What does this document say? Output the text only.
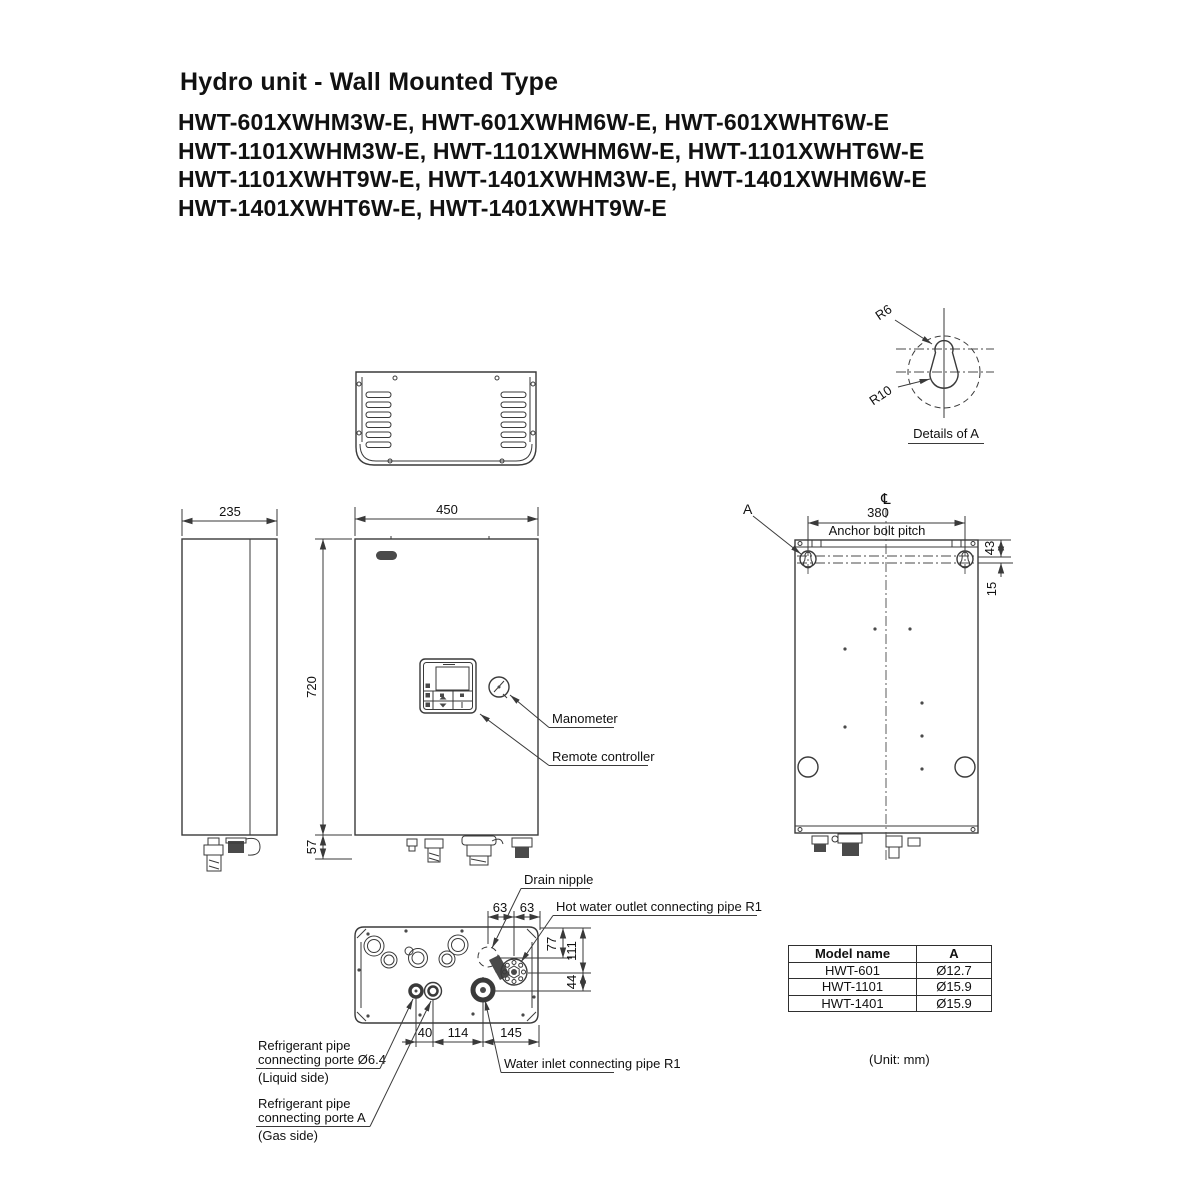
Hydro unit - Wall Mounted Type
HWT-601XWHM3W-E, HWT-601XWHM6W-E, HWT-601XWHT6W-E
HWT-1101XWHM3W-E, HWT-1101XWHM6W-E, HWT-1101XWHT6W-E
HWT-1101XWHT9W-E, HWT-1401XWHM3W-E, HWT-1401XWHM6W-E
HWT-1401XWHT6W-E, HWT-1401XWHT9W-E
R6
R10
Details of A
235	450
720
57
Manometer
Remote controller
℄
380
Anchor bolt pitch
A
43
15
63 63
77 111
44
40 114 145
Drain nipple
Hot water outlet connecting pipe R1
Water inlet connecting pipe R1
Refrigerant pipe
connecting porte Ø6.4
(Liquid side)
Refrigerant pipe
connecting porte A
(Gas side)
Model name	A
HWT-601	Ø12.7
HWT-1101	Ø15.9
HWT-1401	Ø15.9
(Unit: mm)
